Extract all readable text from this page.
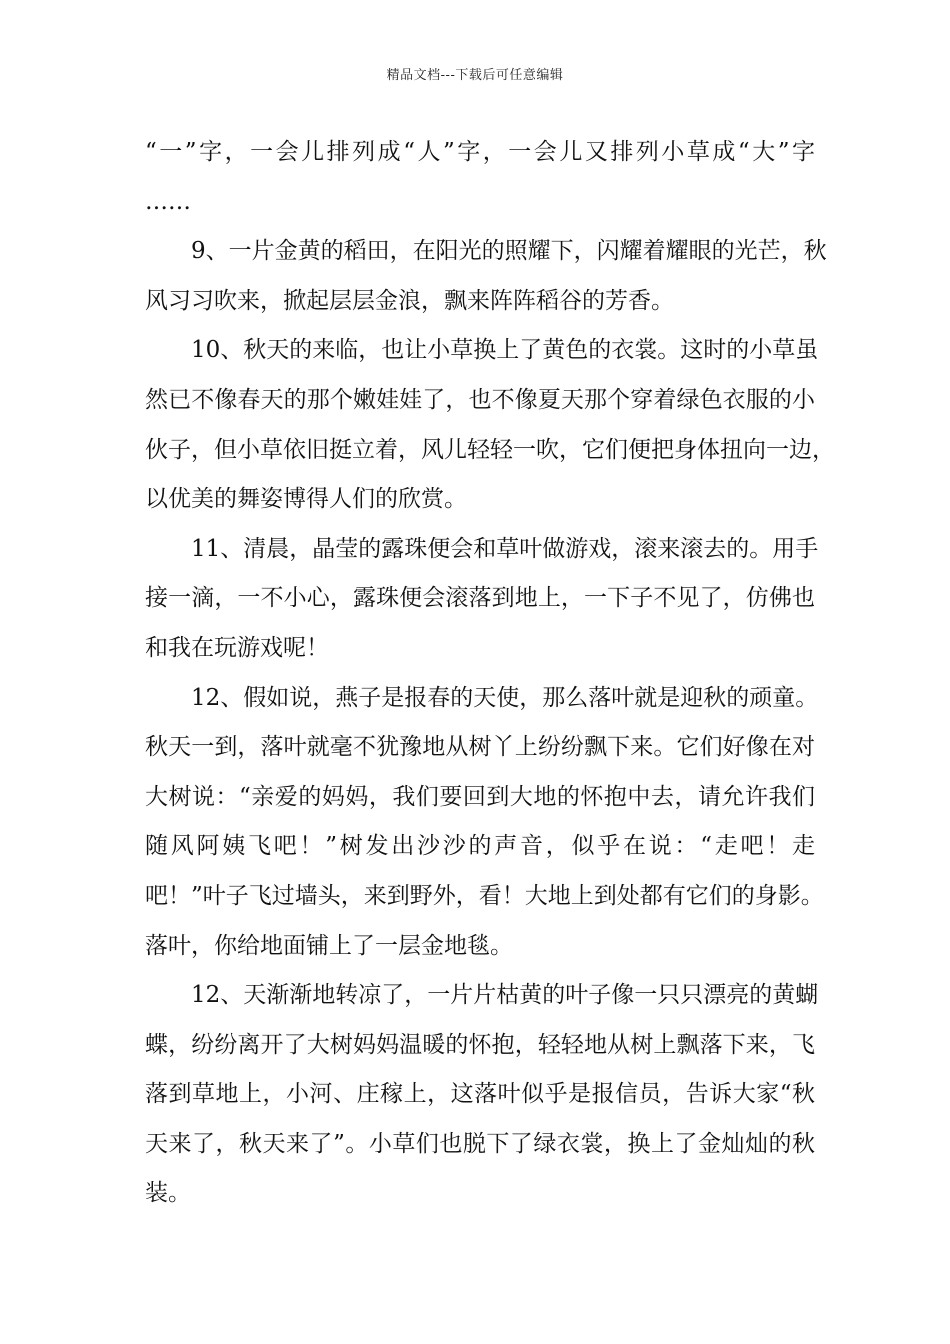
精品文档---下载后可任意编辑
“一”字，一会儿排列成“人”字，一会儿又排列小草成“大”字
……
9、一片金黄的稻田，在阳光的照耀下，闪耀着耀眼的光芒，秋
风习习吹来，掀起层层金浪，飘来阵阵稻谷的芳香。
10、秋天的来临，也让小草换上了黄色的衣裳。这时的小草虽
然已不像春天的那个嫩娃娃了，也不像夏天那个穿着绿色衣服的小
伙子，但小草依旧挺立着，风儿轻轻一吹，它们便把身体扭向一边，
以优美的舞姿博得人们的欣赏。
11、清晨，晶莹的露珠便会和草叶做游戏，滚来滚去的。用手
接一滴，一不小心，露珠便会滚落到地上，一下子不见了，仿佛也
和我在玩游戏呢！
12、假如说，燕子是报春的天使，那么落叶就是迎秋的顽童。
秋天一到，落叶就毫不犹豫地从树丫上纷纷飘下来。它们好像在对
大树说：“亲爱的妈妈，我们要回到大地的怀抱中去，请允许我们
随风阿姨飞吧！”树发出沙沙的声音，似乎在说：“走吧！走
吧！”叶子飞过墙头，来到野外，看！大地上到处都有它们的身影。
落叶，你给地面铺上了一层金地毯。
12、天渐渐地转凉了，一片片枯黄的叶子像一只只漂亮的黄蝴
蝶，纷纷离开了大树妈妈温暖的怀抱，轻轻地从树上飘落下来，飞
落到草地上，小河、庄稼上，这落叶似乎是报信员，告诉大家“秋
天来了，秋天来了”。小草们也脱下了绿衣裳，换上了金灿灿的秋
装。
